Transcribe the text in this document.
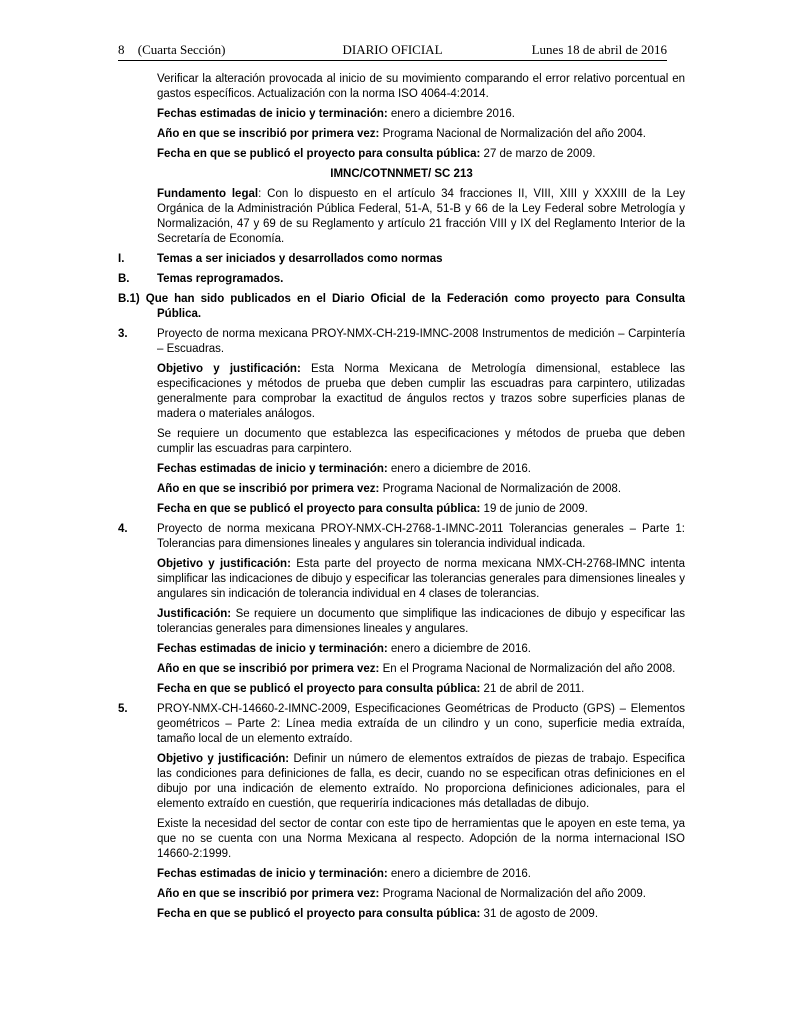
8 (Cuarta Sección)	DIARIO OFICIAL	Lunes 18 de abril de 2016

Verificar la alteración provocada al inicio de su movimiento comparando el error relativo porcentual en gastos específicos. Actualización con la norma ISO 4064-4:2014.

Fechas estimadas de inicio y terminación: enero a diciembre 2016.

Año en que se inscribió por primera vez: Programa Nacional de Normalización del año 2004.

Fecha en que se publicó el proyecto para consulta pública: 27 de marzo de 2009.

IMNC/COTNNMET/ SC 213

Fundamento legal: Con lo dispuesto en el artículo 34 fracciones II, VIII, XIII y XXXIII de la Ley Orgánica de la Administración Pública Federal, 51-A, 51-B y 66 de la Ley Federal sobre Metrología y Normalización, 47 y 69 de su Reglamento y artículo 21 fracción VIII y IX del Reglamento Interior de la Secretaría de Economía.

I.	Temas a ser iniciados y desarrollados como normas
B.	Temas reprogramados.

B.1) Que han sido publicados en el Diario Oficial de la Federación como proyecto para Consulta Pública.

3.	Proyecto de norma mexicana PROY-NMX-CH-219-IMNC-2008 Instrumentos de medición – Carpintería – Escuadras.

Objetivo y justificación: Esta Norma Mexicana de Metrología dimensional, establece las especificaciones y métodos de prueba que deben cumplir las escuadras para carpintero, utilizadas generalmente para comprobar la exactitud de ángulos rectos y trazos sobre superficies planas de madera o materiales análogos.

Se requiere un documento que establezca las especificaciones y métodos de prueba que deben cumplir las escuadras para carpintero.

Fechas estimadas de inicio y terminación: enero a diciembre de 2016.

Año en que se inscribió por primera vez: Programa Nacional de Normalización de 2008.

Fecha en que se publicó el proyecto para consulta pública: 19 de junio de 2009.

4.	Proyecto de norma mexicana PROY-NMX-CH-2768-1-IMNC-2011 Tolerancias generales – Parte 1: Tolerancias para dimensiones lineales y angulares sin tolerancia individual indicada.

Objetivo y justificación: Esta parte del proyecto de norma mexicana NMX-CH-2768-IMNC intenta simplificar las indicaciones de dibujo y especificar las tolerancias generales para dimensiones lineales y angulares sin indicación de tolerancia individual en 4 clases de tolerancias.

Justificación: Se requiere un documento que simplifique las indicaciones de dibujo y especificar las tolerancias generales para dimensiones lineales y angulares.

Fechas estimadas de inicio y terminación: enero a diciembre de 2016.

Año en que se inscribió por primera vez: En el Programa Nacional de Normalización del año 2008.

Fecha en que se publicó el proyecto para consulta pública: 21 de abril de 2011.

5.	PROY-NMX-CH-14660-2-IMNC-2009, Especificaciones Geométricas de Producto (GPS) – Elementos geométricos – Parte 2: Línea media extraída de un cilindro y un cono, superficie media extraída, tamaño local de un elemento extraído.

Objetivo y justificación: Definir un número de elementos extraídos de piezas de trabajo. Especifica las condiciones para definiciones de falla, es decir, cuando no se especifican otras definiciones en el dibujo por una indicación de elemento extraído. No proporciona definiciones adicionales, para el elemento extraído en cuestión, que requeriría indicaciones más detalladas de dibujo.

Existe la necesidad del sector de contar con este tipo de herramientas que le apoyen en este tema, ya que no se cuenta con una Norma Mexicana al respecto. Adopción de la norma internacional ISO 14660-2:1999.

Fechas estimadas de inicio y terminación: enero a diciembre de 2016.

Año en que se inscribió por primera vez: Programa Nacional de Normalización del año 2009.

Fecha en que se publicó el proyecto para consulta pública: 31 de agosto de 2009.
